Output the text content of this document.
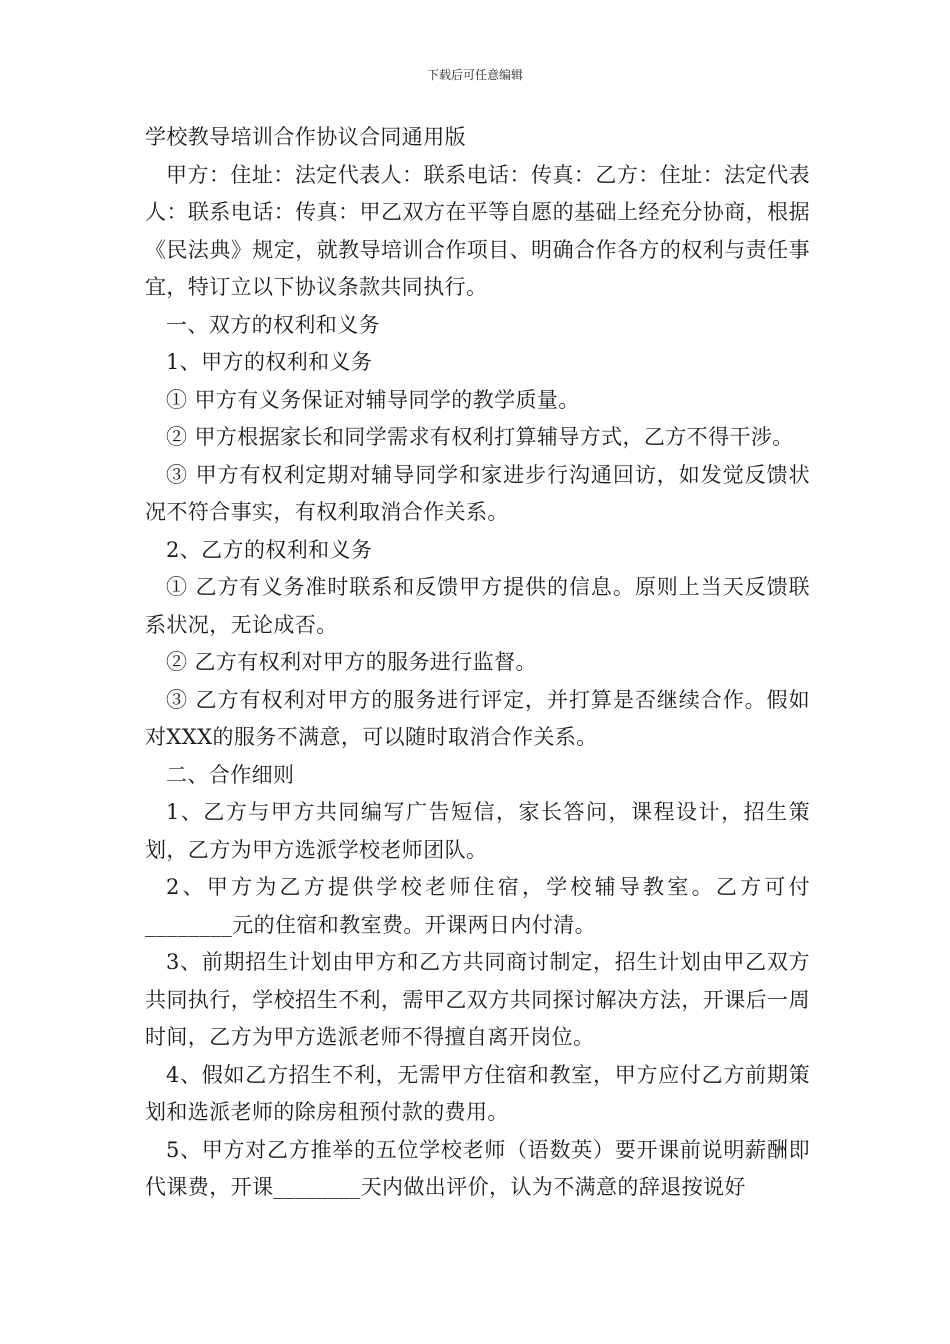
下载后可任意编辑

学校教导培训合作协议合同通用版

甲方：住址：法定代表人：联系电话：传真：乙方：住址：法定代表人：联系电话：传真：甲乙双方在平等自愿的基础上经充分协商，根据《民法典》规定，就教导培训合作项目、明确合作各方的权利与责任事宜，特订立以下协议条款共同执行。

一、双方的权利和义务

1、甲方的权利和义务

① 甲方有义务保证对辅导同学的教学质量。

② 甲方根据家长和同学需求有权利打算辅导方式，乙方不得干涉。

③ 甲方有权利定期对辅导同学和家进步行沟通回访，如发觉反馈状况不符合事实，有权利取消合作关系。

2、乙方的权利和义务

① 乙方有义务准时联系和反馈甲方提供的信息。原则上当天反馈联系状况，无论成否。

② 乙方有权利对甲方的服务进行监督。

③ 乙方有权利对甲方的服务进行评定，并打算是否继续合作。假如对XXX的服务不满意，可以随时取消合作关系。

二、合作细则

1、乙方与甲方共同编写广告短信，家长答问，课程设计，招生策划，乙方为甲方选派学校老师团队。

2、甲方为乙方提供学校老师住宿，学校辅导教室。乙方可付________元的住宿和教室费。开课两日内付清。

3、前期招生计划由甲方和乙方共同商讨制定，招生计划由甲乙双方共同执行，学校招生不利，需甲乙双方共同探讨解决方法，开课后一周时间，乙方为甲方选派老师不得擅自离开岗位。

4、假如乙方招生不利，无需甲方住宿和教室，甲方应付乙方前期策划和选派老师的除房租预付款的费用。

5、甲方对乙方推举的五位学校老师（语数英）要开课前说明薪酬即代课费，开课________天内做出评价，认为不满意的辞退按说好
